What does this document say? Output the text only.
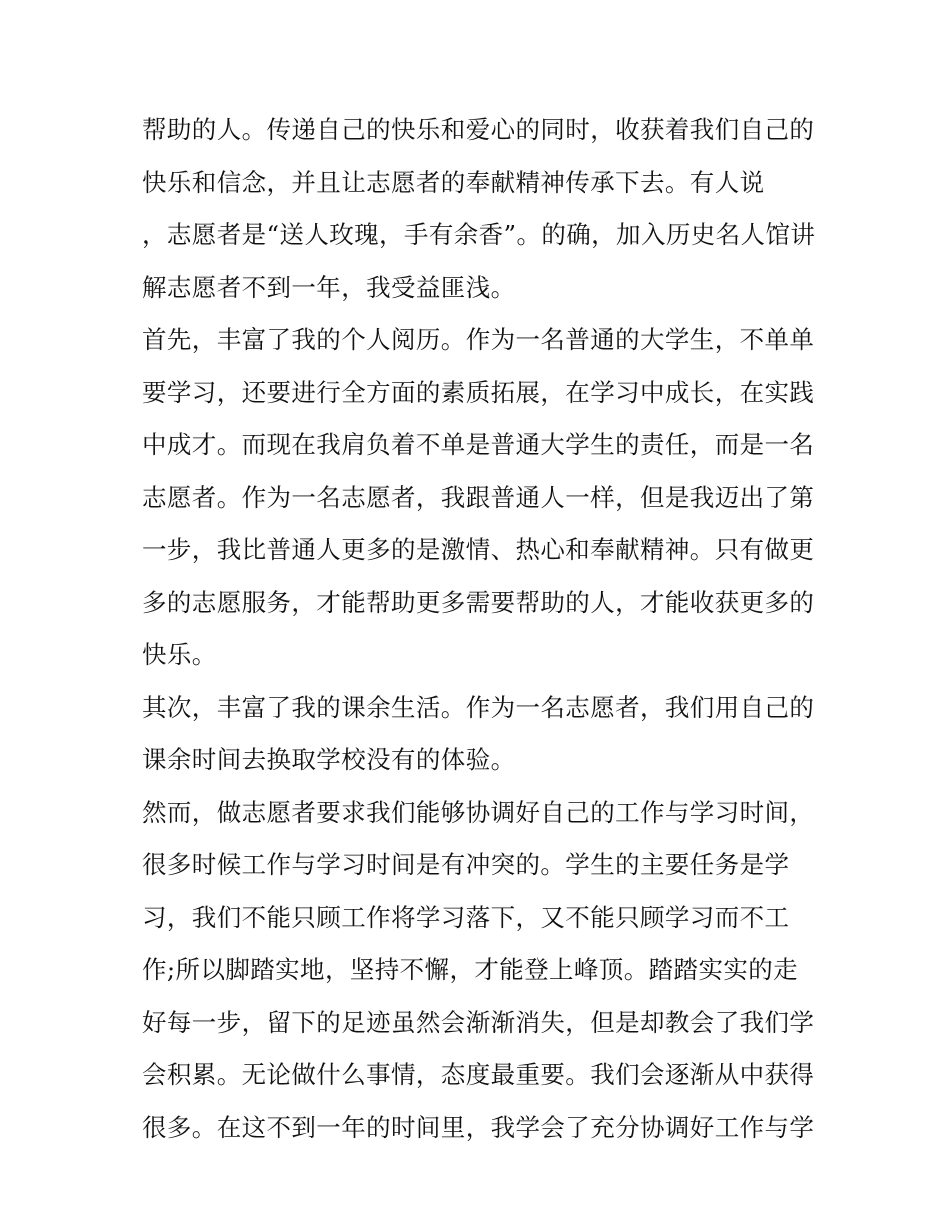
帮助的人。传递自己的快乐和爱心的同时，收获着我们自己的
快乐和信念，并且让志愿者的奉献精神传承下去。有人说
，志愿者是“送人玫瑰，手有余香”。的确，加入历史名人馆讲
解志愿者不到一年，我受益匪浅。
首先，丰富了我的个人阅历。作为一名普通的大学生，不单单
要学习，还要进行全方面的素质拓展，在学习中成长，在实践
中成才。而现在我肩负着不单是普通大学生的责任，而是一名
志愿者。作为一名志愿者，我跟普通人一样，但是我迈出了第
一步，我比普通人更多的是激情、热心和奉献精神。只有做更
多的志愿服务，才能帮助更多需要帮助的人，才能收获更多的
快乐。
其次，丰富了我的课余生活。作为一名志愿者，我们用自己的
课余时间去换取学校没有的体验。
然而，做志愿者要求我们能够协调好自己的工作与学习时间，
很多时候工作与学习时间是有冲突的。学生的主要任务是学
习，我们不能只顾工作将学习落下，又不能只顾学习而不工
作;所以脚踏实地，坚持不懈，才能登上峰顶。踏踏实实的走
好每一步，留下的足迹虽然会渐渐消失，但是却教会了我们学
会积累。无论做什么事情，态度最重要。我们会逐渐从中获得
很多。在这不到一年的时间里，我学会了充分协调好工作与学
